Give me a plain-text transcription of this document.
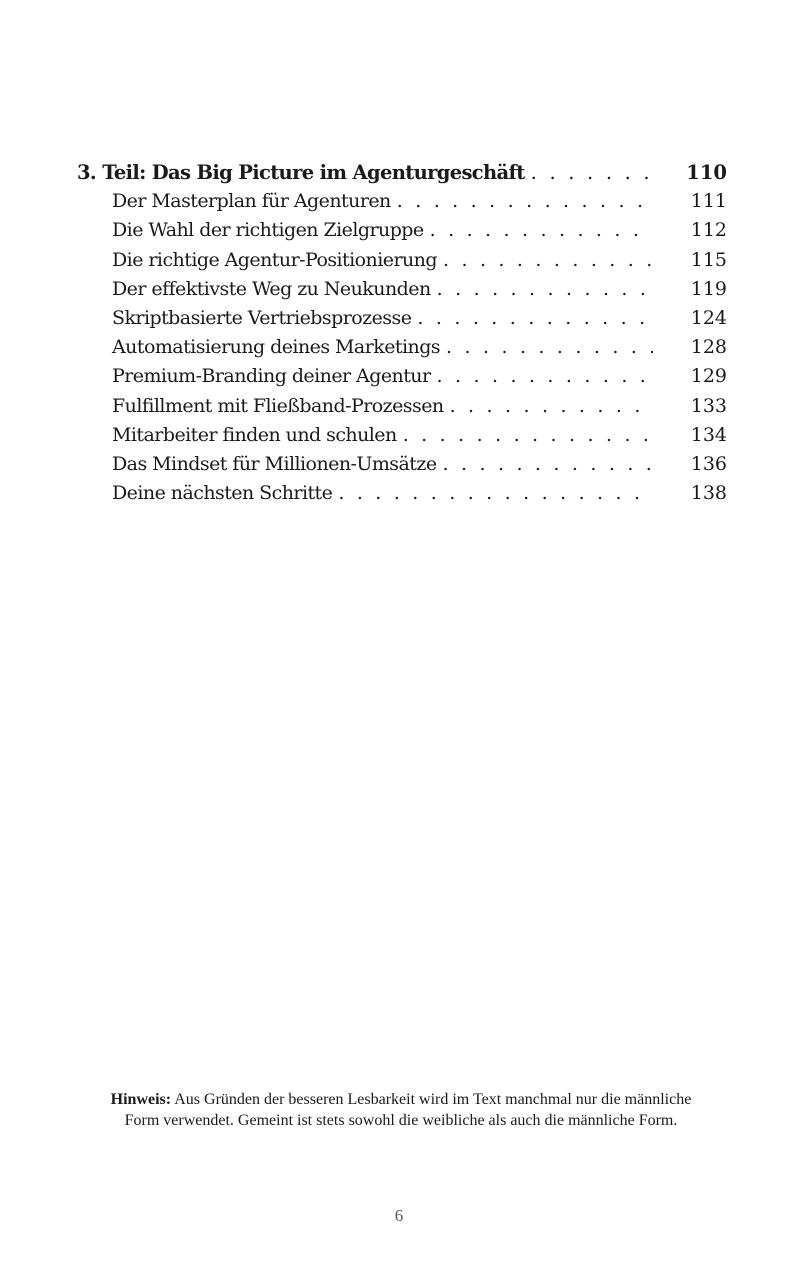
3. Teil: Das Big Picture im Agenturgeschäft . . .	110
Der Masterplan für Agenturen . . .	111
Die Wahl der richtigen Zielgruppe . . .	112
Die richtige Agentur-Positionierung . . .	115
Der effektivste Weg zu Neukunden . . .	119
Skriptbasierte Vertriebsprozesse . . .	124
Automatisierung deines Marketings . . .	128
Premium-Branding deiner Agentur . . .	129
Fulfillment mit Fließband-Prozessen . . .	133
Mitarbeiter finden und schulen . . .	134
Das Mindset für Millionen-Umsätze . . .	136
Deine nächsten Schritte . . .	138
Hinweis: Aus Gründen der besseren Lesbarkeit wird im Text manchmal nur die männliche Form verwendet. Gemeint ist stets sowohl die weibliche als auch die männliche Form.
6
